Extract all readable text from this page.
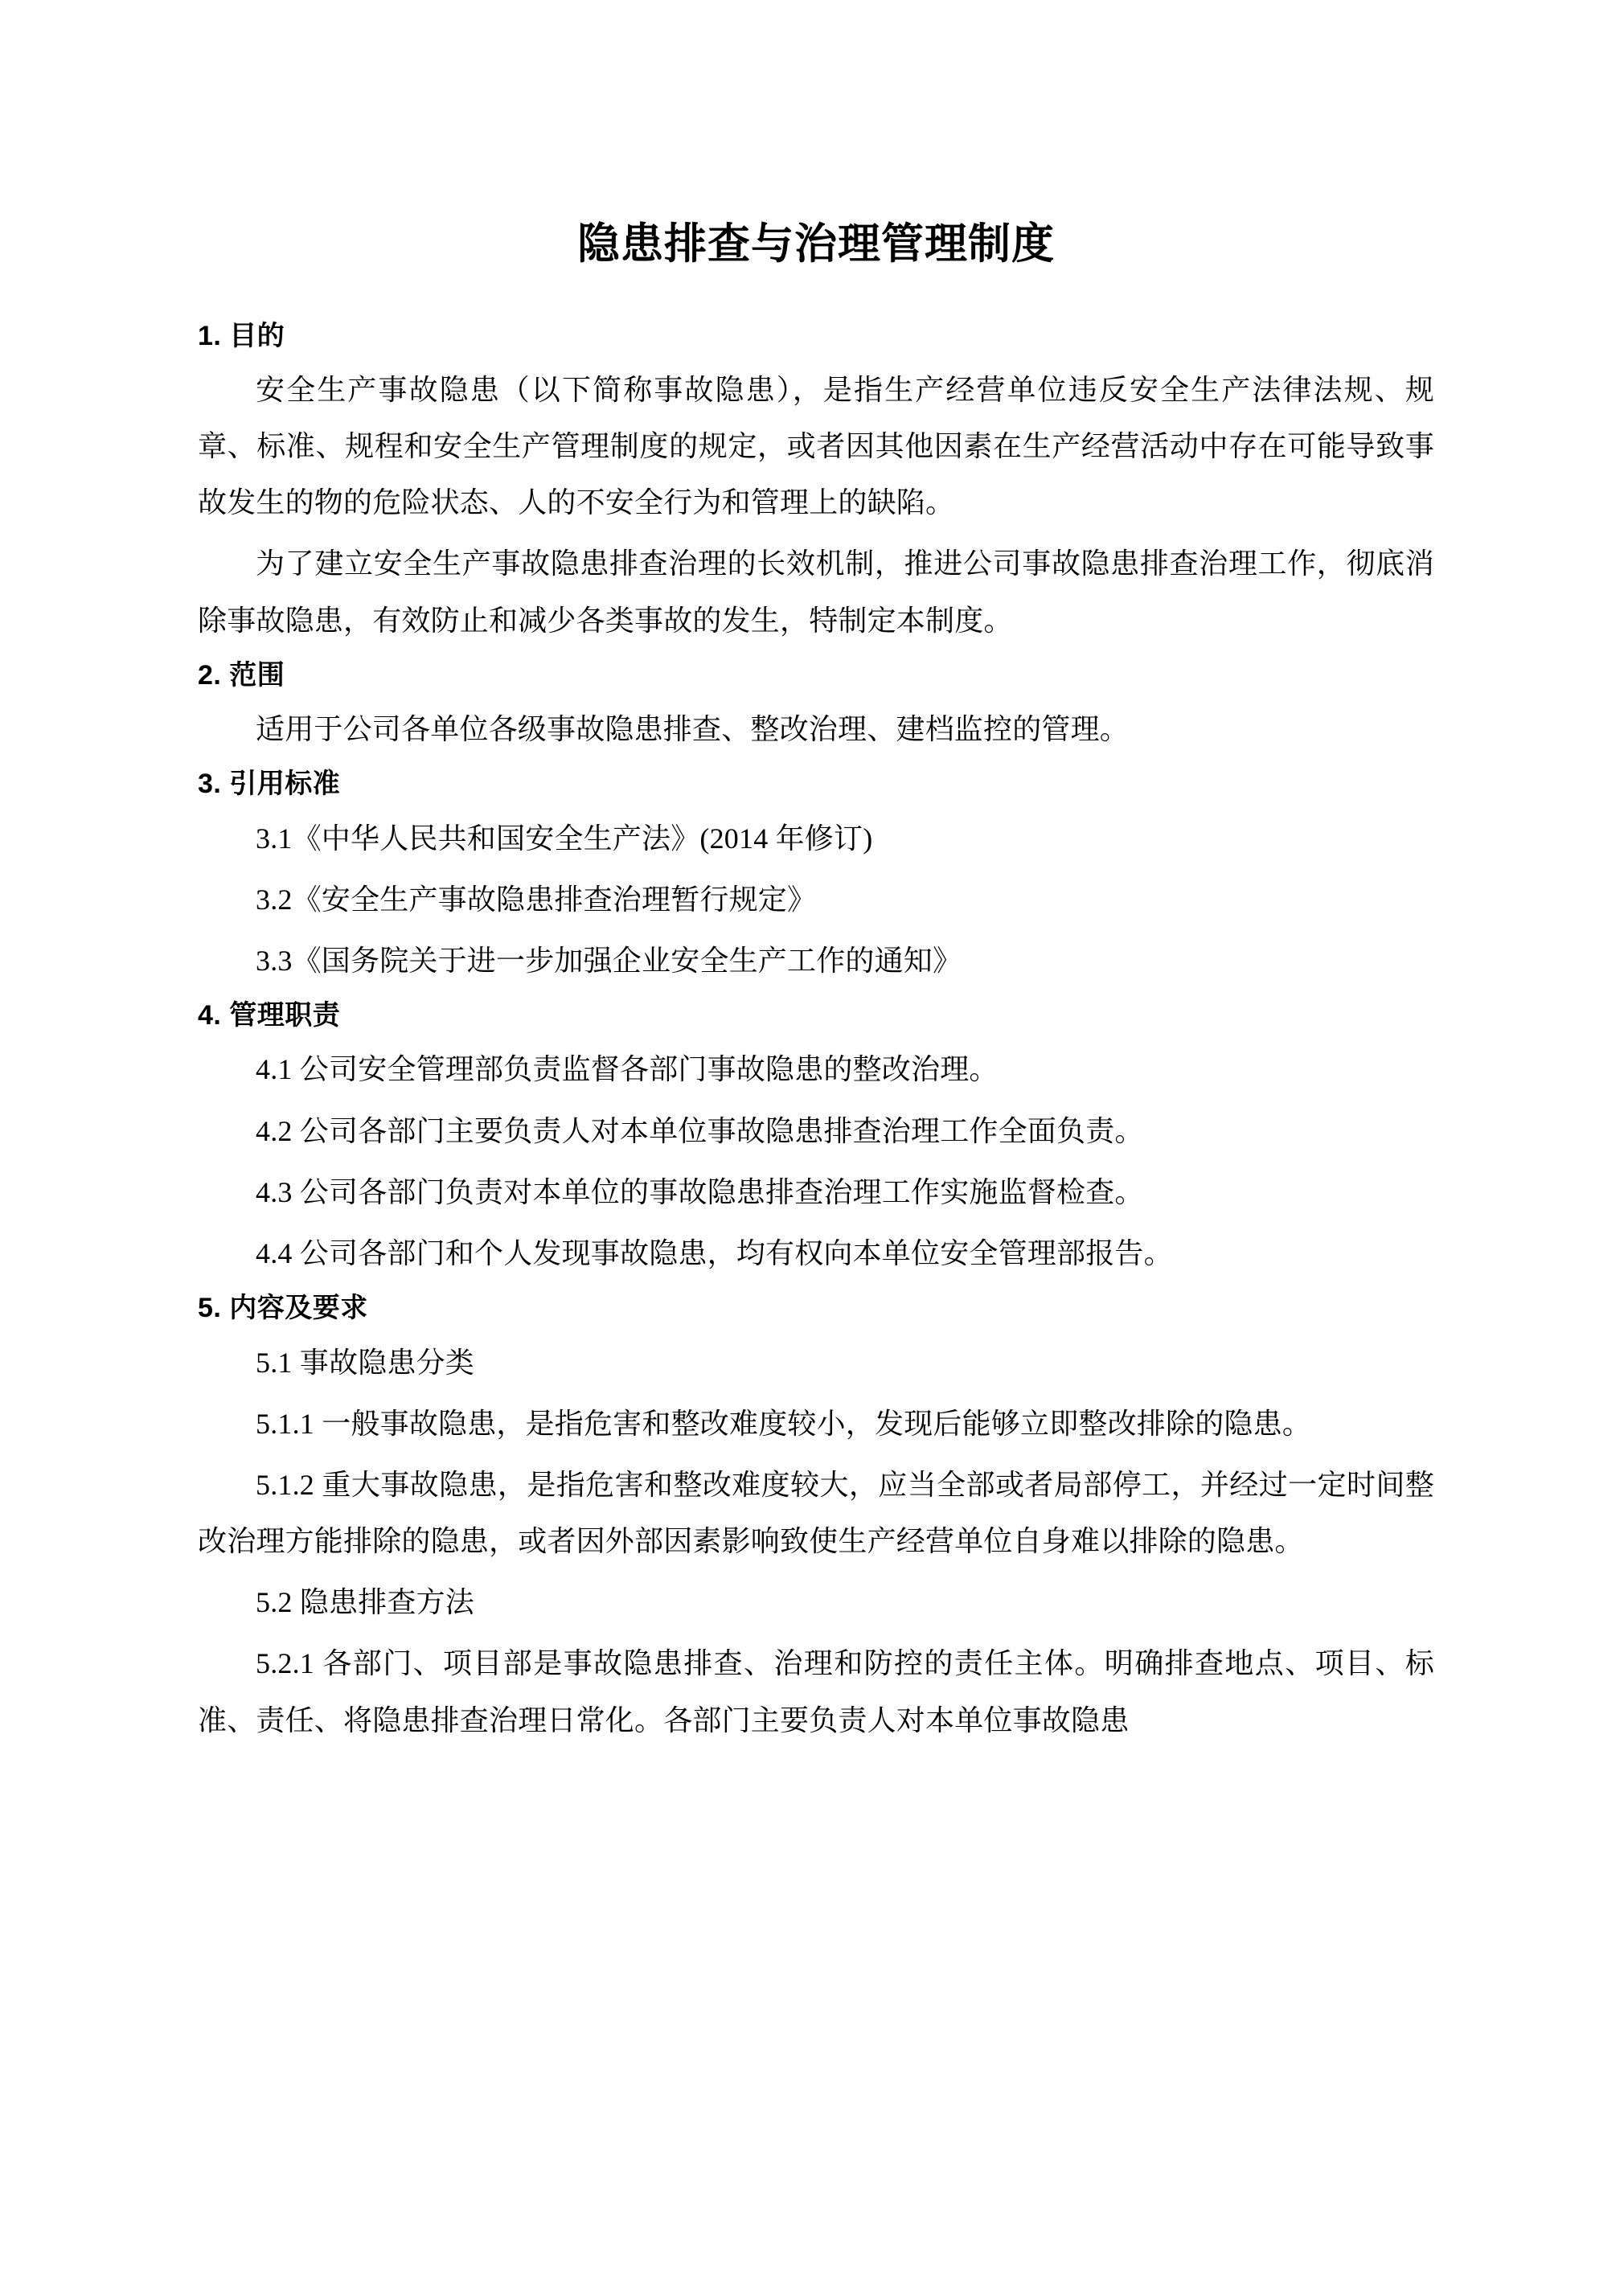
隐患排查与治理管理制度
1. 目的

安全生产事故隐患（以下简称事故隐患），是指生产经营单位违反安全生产法律法规、规章、标准、规程和安全生产管理制度的规定，或者因其他因素在生产经营活动中存在可能导致事故发生的物的危险状态、人的不安全行为和管理上的缺陷。

为了建立安全生产事故隐患排查治理的长效机制，推进公司事故隐患排查治理工作，彻底消除事故隐患，有效防止和减少各类事故的发生，特制定本制度。

2. 范围

适用于公司各单位各级事故隐患排查、整改治理、建档监控的管理。

3. 引用标准

3.1《中华人民共和国安全生产法》(2014 年修订)

3.2《安全生产事故隐患排查治理暂行规定》

3.3《国务院关于进一步加强企业安全生产工作的通知》

4. 管理职责

4.1 公司安全管理部负责监督各部门事故隐患的整改治理。

4.2 公司各部门主要负责人对本单位事故隐患排查治理工作全面负责。

4.3 公司各部门负责对本单位的事故隐患排查治理工作实施监督检查。

4.4 公司各部门和个人发现事故隐患，均有权向本单位安全管理部报告。

5. 内容及要求

5.1 事故隐患分类

5.1.1 一般事故隐患，是指危害和整改难度较小，发现后能够立即整改排除的隐患。

5.1.2 重大事故隐患，是指危害和整改难度较大，应当全部或者局部停工，并经过一定时间整改治理方能排除的隐患，或者因外部因素影响致使生产经营单位自身难以排除的隐患。

5.2 隐患排查方法

5.2.1 各部门、项目部是事故隐患排查、治理和防控的责任主体。明确排查地点、项目、标准、责任、将隐患排查治理日常化。各部门主要负责人对本单位事故隐患
